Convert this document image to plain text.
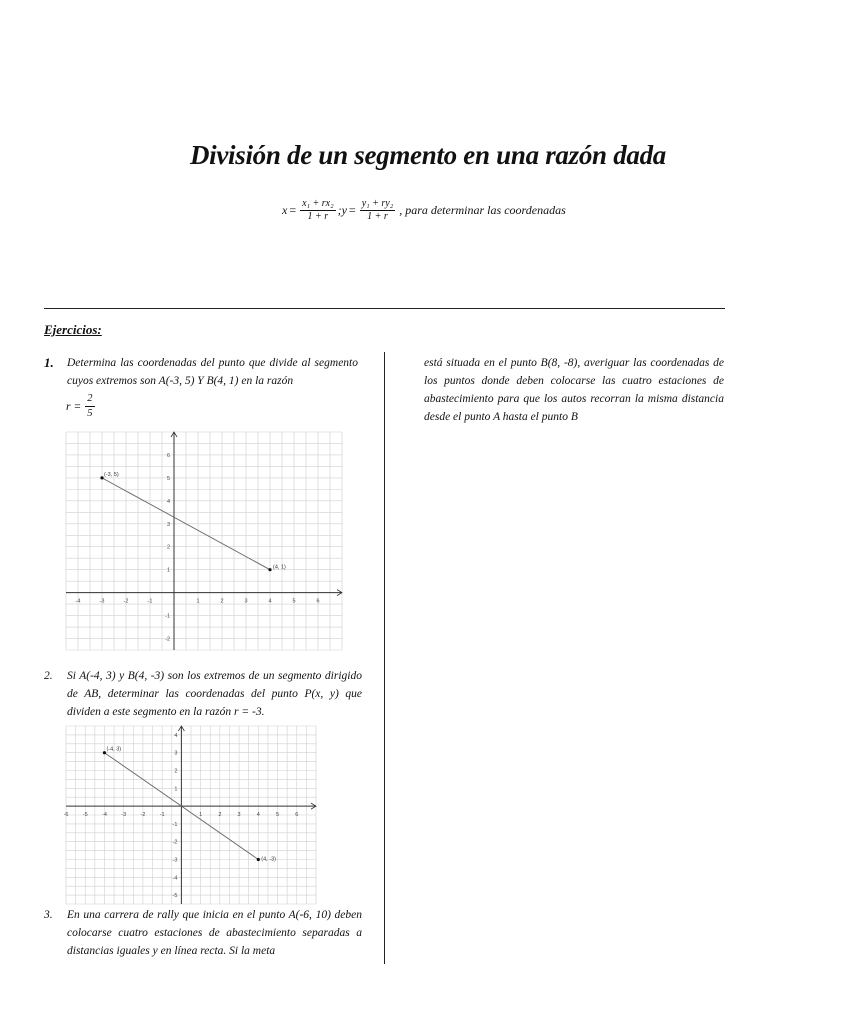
División de un segmento en una razón dada
$x = \frac{\text{x₁ + rx₂}}{1 + r}$ ; $y = \frac{\text{y₁ + ry₂}}{1 + r}$ , para determinar las coordenadas
Ejercicios:
1. Determina las coordenadas del punto que divide al segmento cuyos extremos son A(-3, 5) Y B(4, 1) en la razón
$r = \frac{2}{5}$
-4	-3	-2	-1	1	2	3	4	5	6
-2
-1
1
2
3
4
5
6
(-3, 5)
(4, 1)
2. Si A(-4, 3) y B(4, -3) son los extremos de un segmento dirigido de AB, determinar las coordenadas del punto P(x, y) que dividen a este segmento en la razón r = -3.
-6	-5	-4	-3	-2	-1	1	2	3	4	5	6
-5
-4
-3
-2
-1
1
2
3
4
(-4, 3)
(4, -3)
3. En una carrera de rally que inicia en el punto A(-6, 10) deben colocarse cuatro estaciones de abastecimiento separadas a distancias iguales y en línea recta. Si la meta
está situada en el punto B(8, -8), averiguar las coordenadas de los puntos donde deben colocarse las cuatro estaciones de abastecimiento para que los autos recorran la misma distancia desde el punto A hasta el punto B
